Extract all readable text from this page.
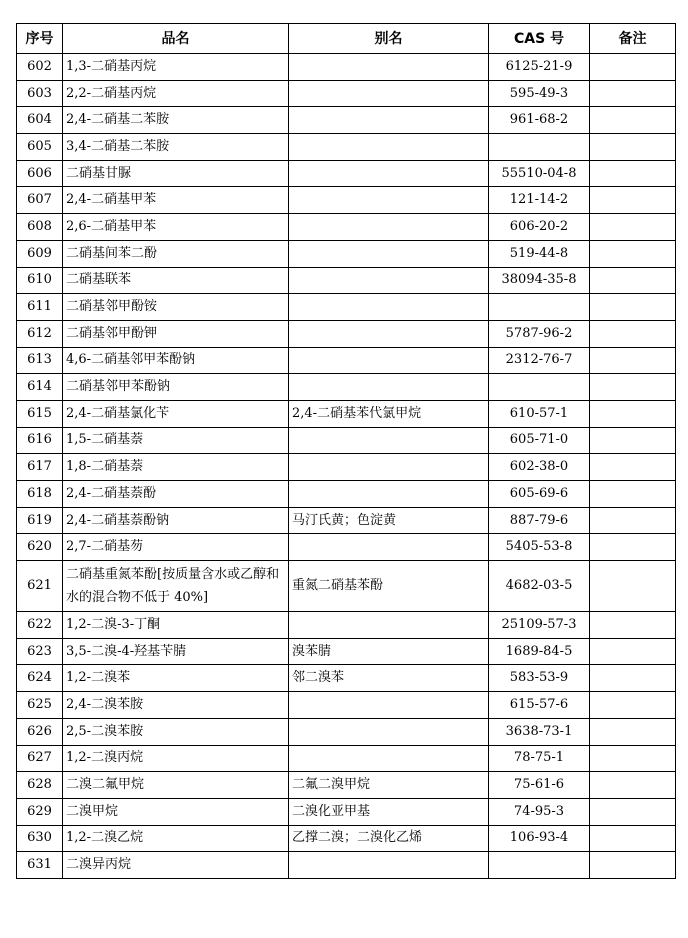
序号	品名	别名	CAS 号	备注
602	1,3-二硝基丙烷		6125-21-9	
603	2,2-二硝基丙烷		595-49-3	
604	2,4-二硝基二苯胺		961-68-2	
605	3,4-二硝基二苯胺			
606	二硝基甘脲		55510-04-8	
607	2,4-二硝基甲苯		121-14-2	
608	2,6-二硝基甲苯		606-20-2	
609	二硝基间苯二酚		519-44-8	
610	二硝基联苯		38094-35-8	
611	二硝基邻甲酚铵			
612	二硝基邻甲酚钾		5787-96-2	
613	4,6-二硝基邻甲苯酚钠		2312-76-7	
614	二硝基邻甲苯酚钠			
615	2,4-二硝基氯化苄	2,4-二硝基苯代氯甲烷	610-57-1	
616	1,5-二硝基萘		605-71-0	
617	1,8-二硝基萘		602-38-0	
618	2,4-二硝基萘酚		605-69-6	
619	2,4-二硝基萘酚钠	马汀氏黄；色淀黄	887-79-6	
620	2,7-二硝基芴		5405-53-8	
621	二硝基重氮苯酚[按质量含水或乙醇和水的混合物不低于 40%]	重氮二硝基苯酚	4682-03-5	
622	1,2-二溴-3-丁酮		25109-57-3	
623	3,5-二溴-4-羟基苄腈	溴苯腈	1689-84-5	
624	1,2-二溴苯	邻二溴苯	583-53-9	
625	2,4-二溴苯胺		615-57-6	
626	2,5-二溴苯胺		3638-73-1	
627	1,2-二溴丙烷		78-75-1	
628	二溴二氟甲烷	二氟二溴甲烷	75-61-6	
629	二溴甲烷	二溴化亚甲基	74-95-3	
630	1,2-二溴乙烷	乙撑二溴；二溴化乙烯	106-93-4	
631	二溴异丙烷			
